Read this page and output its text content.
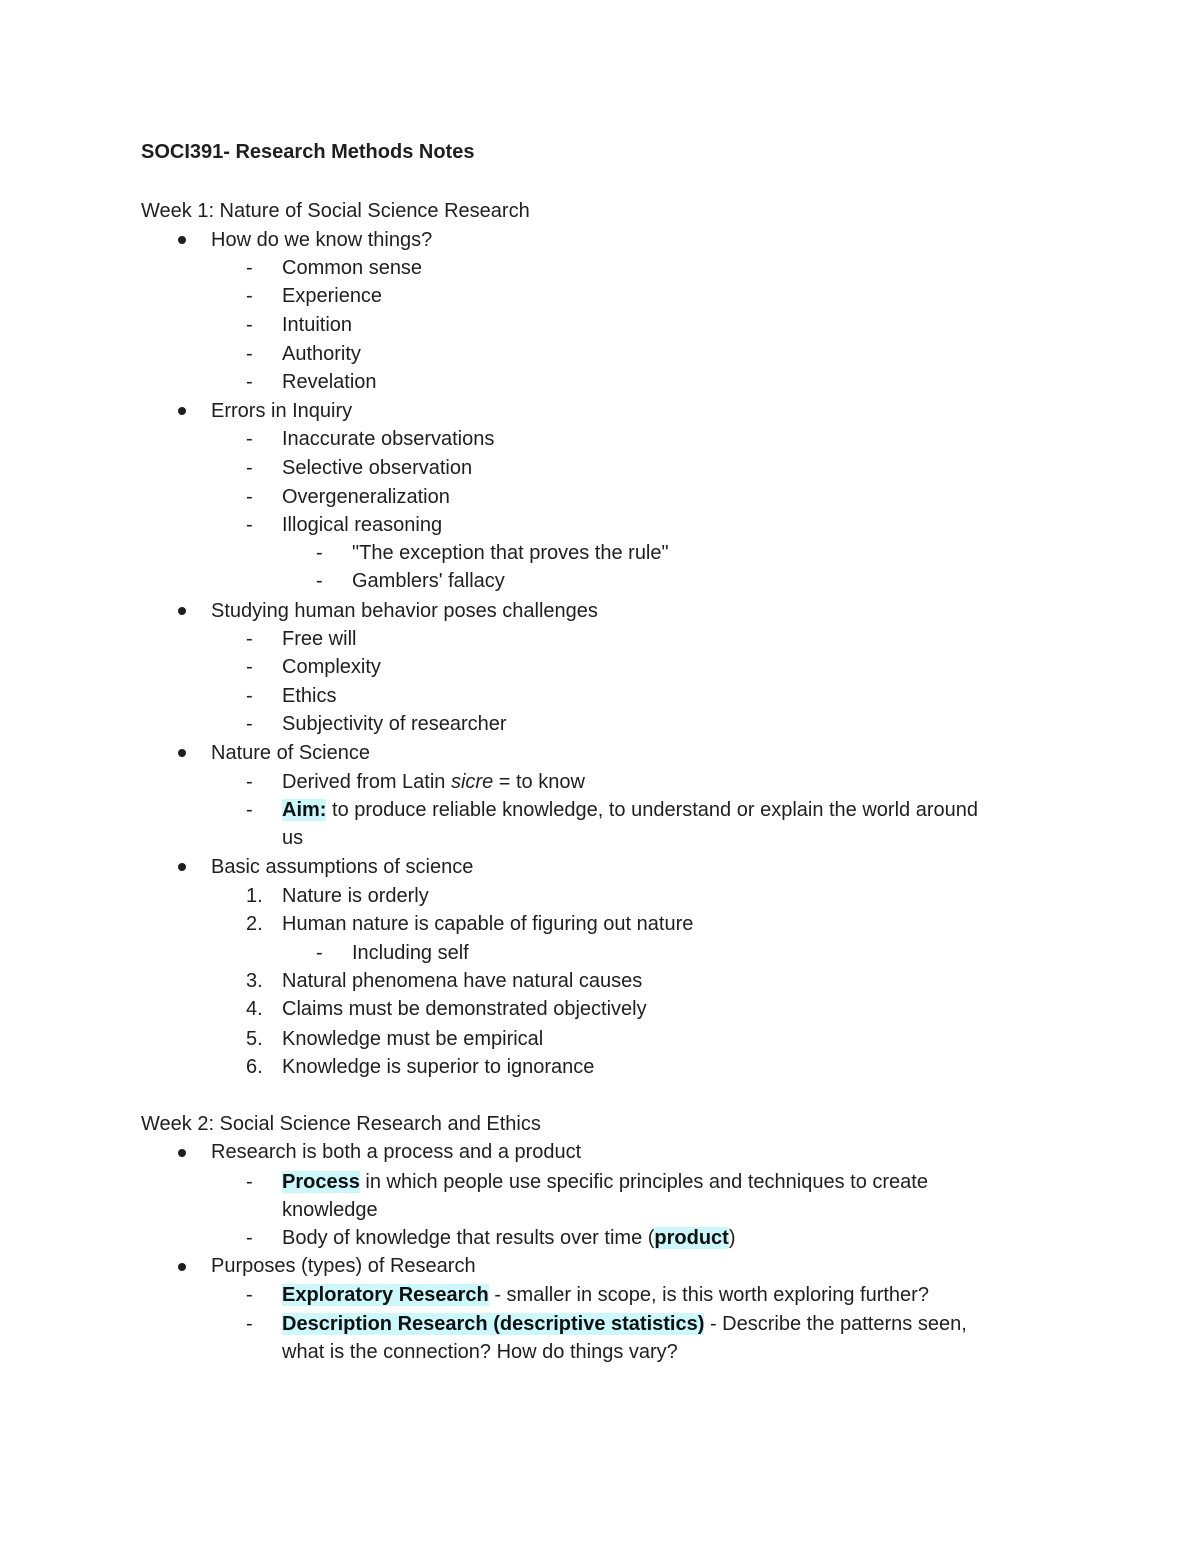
SOCI391- Research Methods Notes
Week 1: Nature of Social Science Research
How do we know things?
- Common sense
- Experience
- Intuition
- Authority
- Revelation
Errors in Inquiry
- Inaccurate observations
- Selective observation
- Overgeneralization
- Illogical reasoning
- "The exception that proves the rule"
- Gamblers' fallacy
Studying human behavior poses challenges
- Free will
- Complexity
- Ethics
- Subjectivity of researcher
Nature of Science
- Derived from Latin sicre = to know
- Aim: to produce reliable knowledge, to understand or explain the world around
us
Basic assumptions of science
1. Nature is orderly
2. Human nature is capable of figuring out nature
- Including self
3. Natural phenomena have natural causes
4. Claims must be demonstrated objectively
5. Knowledge must be empirical
6. Knowledge is superior to ignorance
Week 2: Social Science Research and Ethics
Research is both a process and a product
- Process in which people use specific principles and techniques to create
knowledge
- Body of knowledge that results over time (product)
Purposes (types) of Research
- Exploratory Research - smaller in scope, is this worth exploring further?
- Description Research (descriptive statistics) - Describe the patterns seen,
what is the connection? How do things vary?
